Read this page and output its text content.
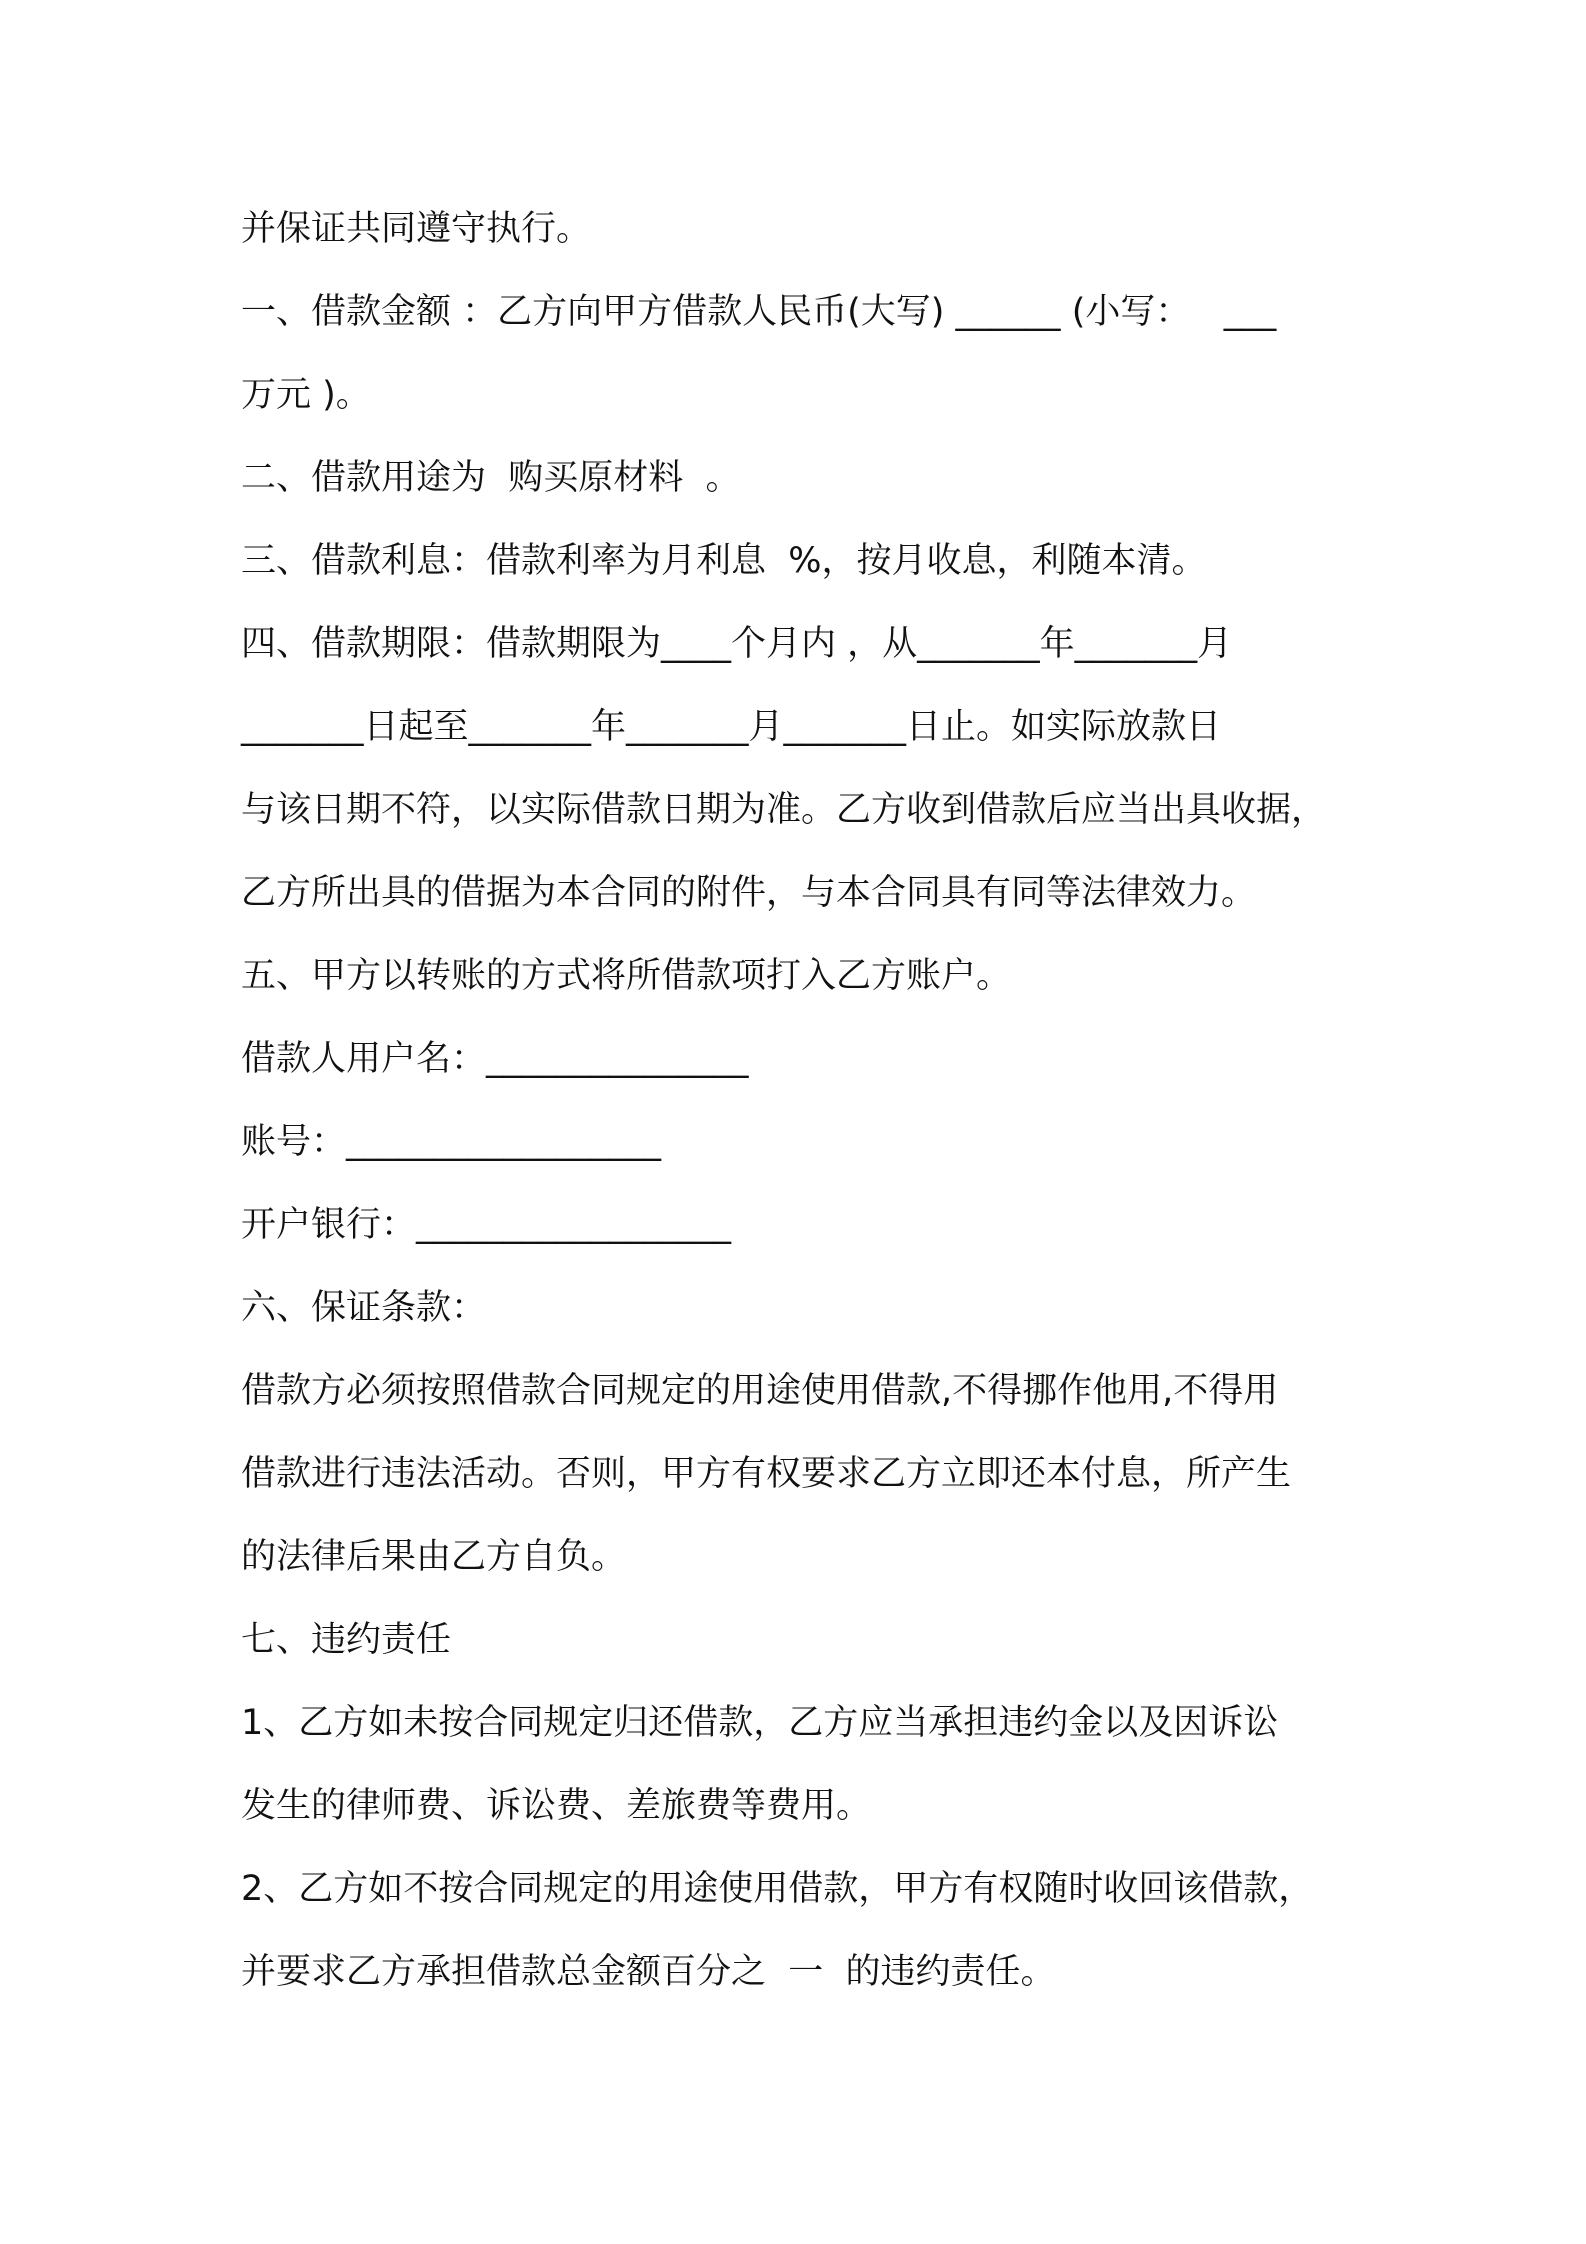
并保证共同遵守执行。

一、借款金额 ：乙方向甲方借款人民币(大写) ______ (小写：   ___

万元 )。

二、借款用途为  购买原材料  。

三、借款利息：借款利率为月利息  %，按月收息，利随本清。

四、借款期限：借款期限为____个月内 ，从_______年_______月

_______日起至_______年_______月_______日止。如实际放款日

与该日期不符，以实际借款日期为准。乙方收到借款后应当出具收据，

乙方所出具的借据为本合同的附件，与本合同具有同等法律效力。

五、甲方以转账的方式将所借款项打入乙方账户。

借款人用户名：_______________

账号：__________________

开户银行：__________________

六、保证条款：

借款方必须按照借款合同规定的用途使用借款,不得挪作他用,不得用

借款进行违法活动。否则，甲方有权要求乙方立即还本付息，所产生

的法律后果由乙方自负。

七、违约责任

1、乙方如未按合同规定归还借款，乙方应当承担违约金以及因诉讼

发生的律师费、诉讼费、差旅费等费用。

2、乙方如不按合同规定的用途使用借款，甲方有权随时收回该借款，

并要求乙方承担借款总金额百分之  一  的违约责任。
